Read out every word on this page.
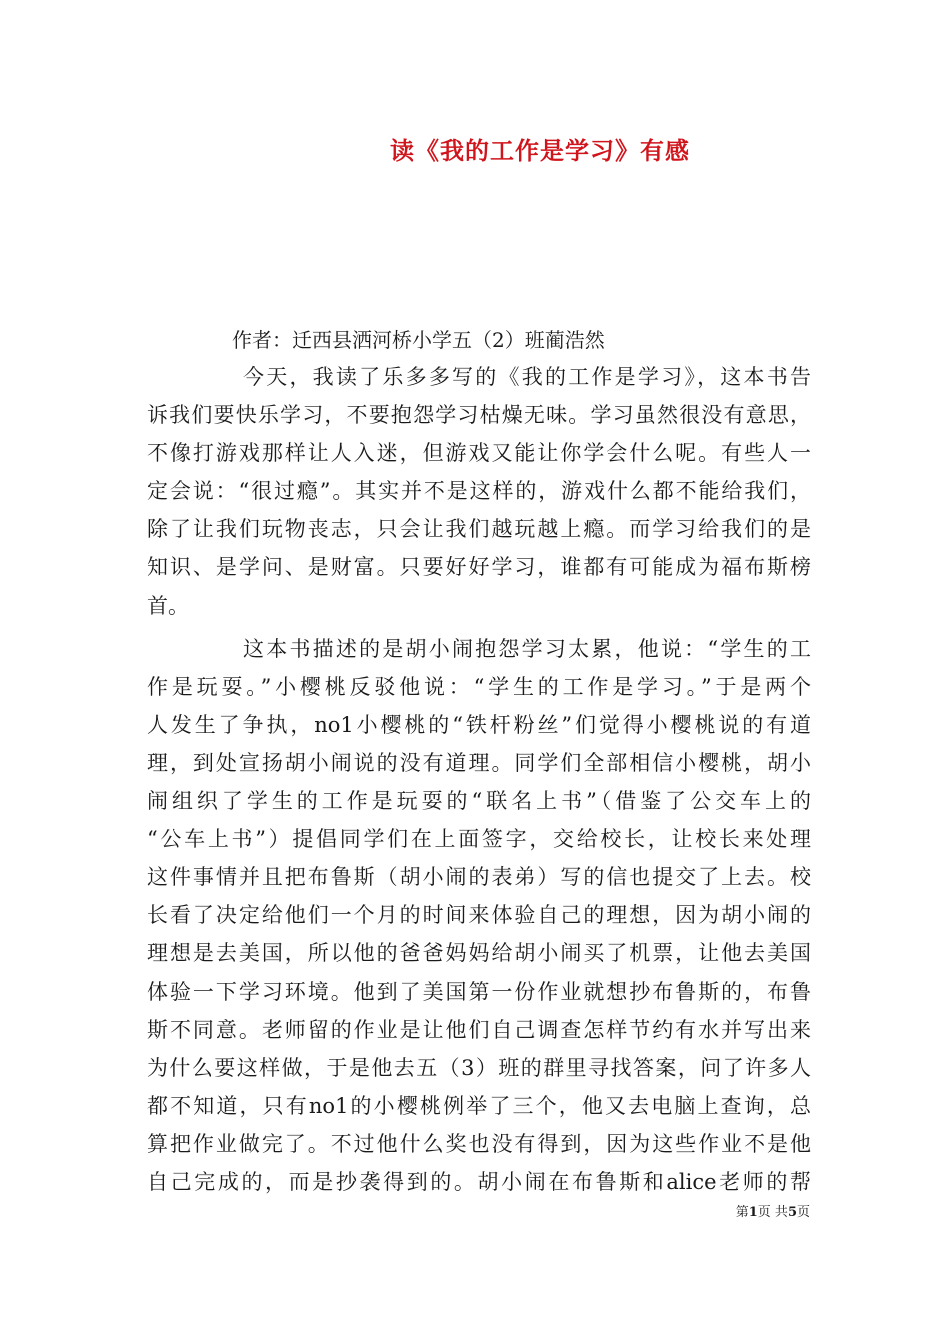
读《我的工作是学习》有感
作者：迁西县洒河桥小学五（2）班蔺浩然
今天，我读了乐多多写的《我的工作是学习》，这本书告
诉我们要快乐学习，不要抱怨学习枯燥无味。学习虽然很没有意思，
不像打游戏那样让人入迷，但游戏又能让你学会什么呢。有些人一
定会说：“很过瘾”。其实并不是这样的，游戏什么都不能给我们，
除了让我们玩物丧志，只会让我们越玩越上瘾。而学习给我们的是
知识、是学问、是财富。只要好好学习，谁都有可能成为福布斯榜
首。
这本书描述的是胡小闹抱怨学习太累，他说：“学生的工
作是玩耍。”小樱桃反驳他说：“学生的工作是学习。”于是两个
人发生了争执，no1小樱桃的“铁杆粉丝”们觉得小樱桃说的有道
理，到处宣扬胡小闹说的没有道理。同学们全部相信小樱桃，胡小
闹组织了学生的工作是玩耍的“联名上书”（借鉴了公交车上的
“公车上书”）提倡同学们在上面签字，交给校长，让校长来处理
这件事情并且把布鲁斯（胡小闹的表弟）写的信也提交了上去。校
长看了决定给他们一个月的时间来体验自己的理想，因为胡小闹的
理想是去美国，所以他的爸爸妈妈给胡小闹买了机票，让他去美国
体验一下学习环境。他到了美国第一份作业就想抄布鲁斯的，布鲁
斯不同意。老师留的作业是让他们自己调查怎样节约有水并写出来
为什么要这样做，于是他去五（3）班的群里寻找答案，问了许多人
都不知道，只有no1的小樱桃例举了三个，他又去电脑上查询，总
算把作业做完了。不过他什么奖也没有得到，因为这些作业不是他
自己完成的，而是抄袭得到的。胡小闹在布鲁斯和alice老师的帮
第1页 共5页
